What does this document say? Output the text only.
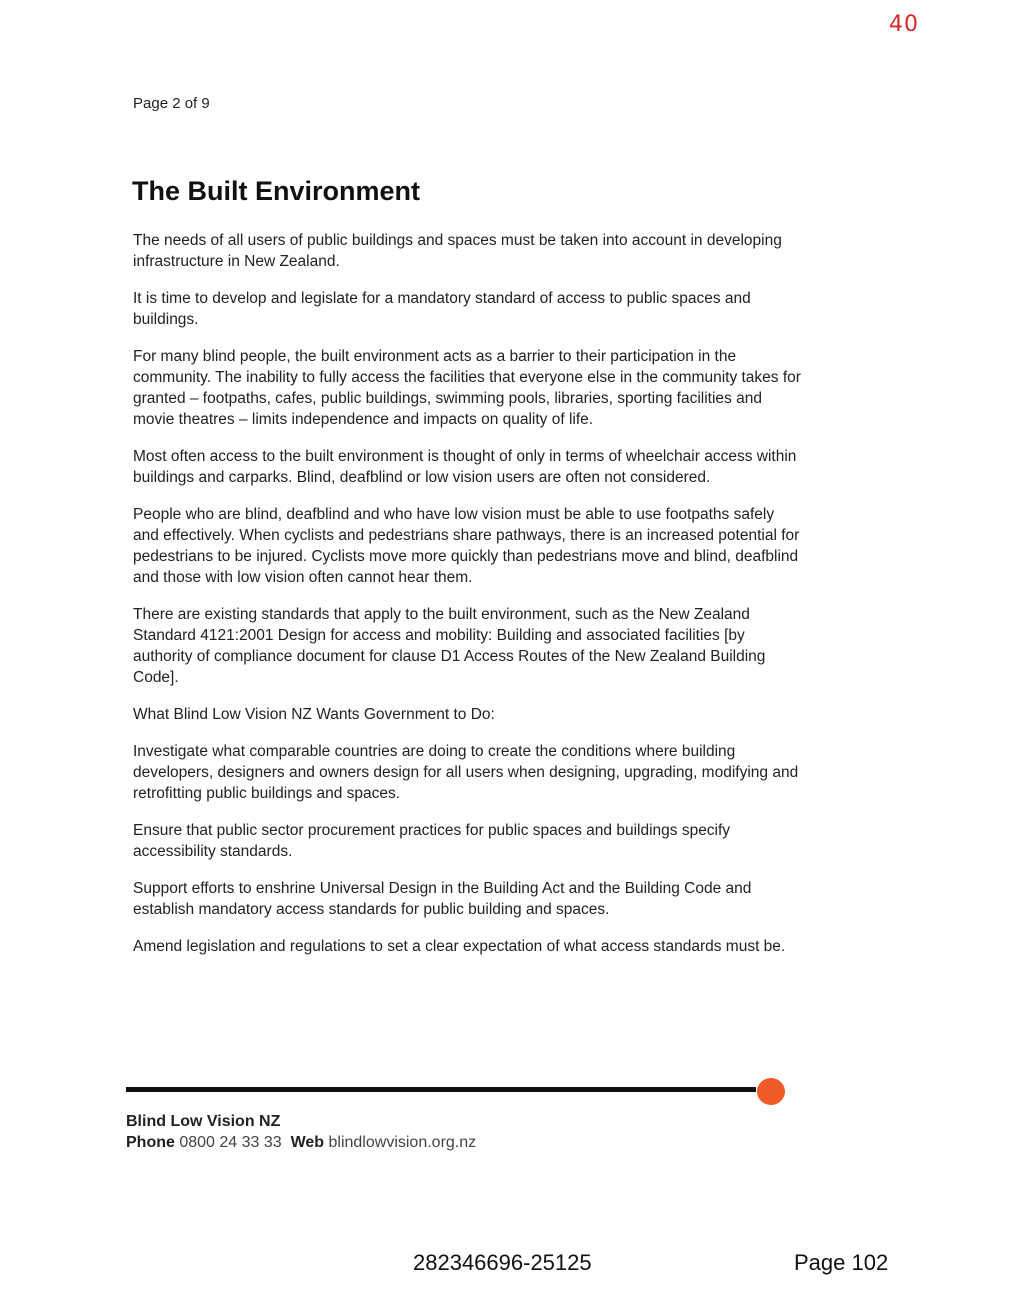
40
Page 2 of 9
The Built Environment

The needs of all users of public buildings and spaces must be taken into account in developing infrastructure in New Zealand.

It is time to develop and legislate for a mandatory standard of access to public spaces and buildings.

For many blind people, the built environment acts as a barrier to their participation in the community. The inability to fully access the facilities that everyone else in the community takes for granted – footpaths, cafes, public buildings, swimming pools, libraries, sporting facilities and movie theatres – limits independence and impacts on quality of life.

Most often access to the built environment is thought of only in terms of wheelchair access within buildings and carparks. Blind, deafblind or low vision users are often not considered.

People who are blind, deafblind and who have low vision must be able to use footpaths safely and effectively. When cyclists and pedestrians share pathways, there is an increased potential for pedestrians to be injured. Cyclists move more quickly than pedestrians move and blind, deafblind and those with low vision often cannot hear them.

There are existing standards that apply to the built environment, such as the New Zealand Standard 4121:2001 Design for access and mobility: Building and associated facilities [by authority of compliance document for clause D1 Access Routes of the New Zealand Building Code].

What Blind Low Vision NZ Wants Government to Do:

Investigate what comparable countries are doing to create the conditions where building developers, designers and owners design for all users when designing, upgrading, modifying and retrofitting public buildings and spaces.

Ensure that public sector procurement practices for public spaces and buildings specify accessibility standards.

Support efforts to enshrine Universal Design in the Building Act and the Building Code and establish mandatory access standards for public building and spaces.

Amend legislation and regulations to set a clear expectation of what access standards must be.

Blind Low Vision NZ
Phone 0800 24 33 33 Web blindlowvision.org.nz
282346696-25125	Page 102
